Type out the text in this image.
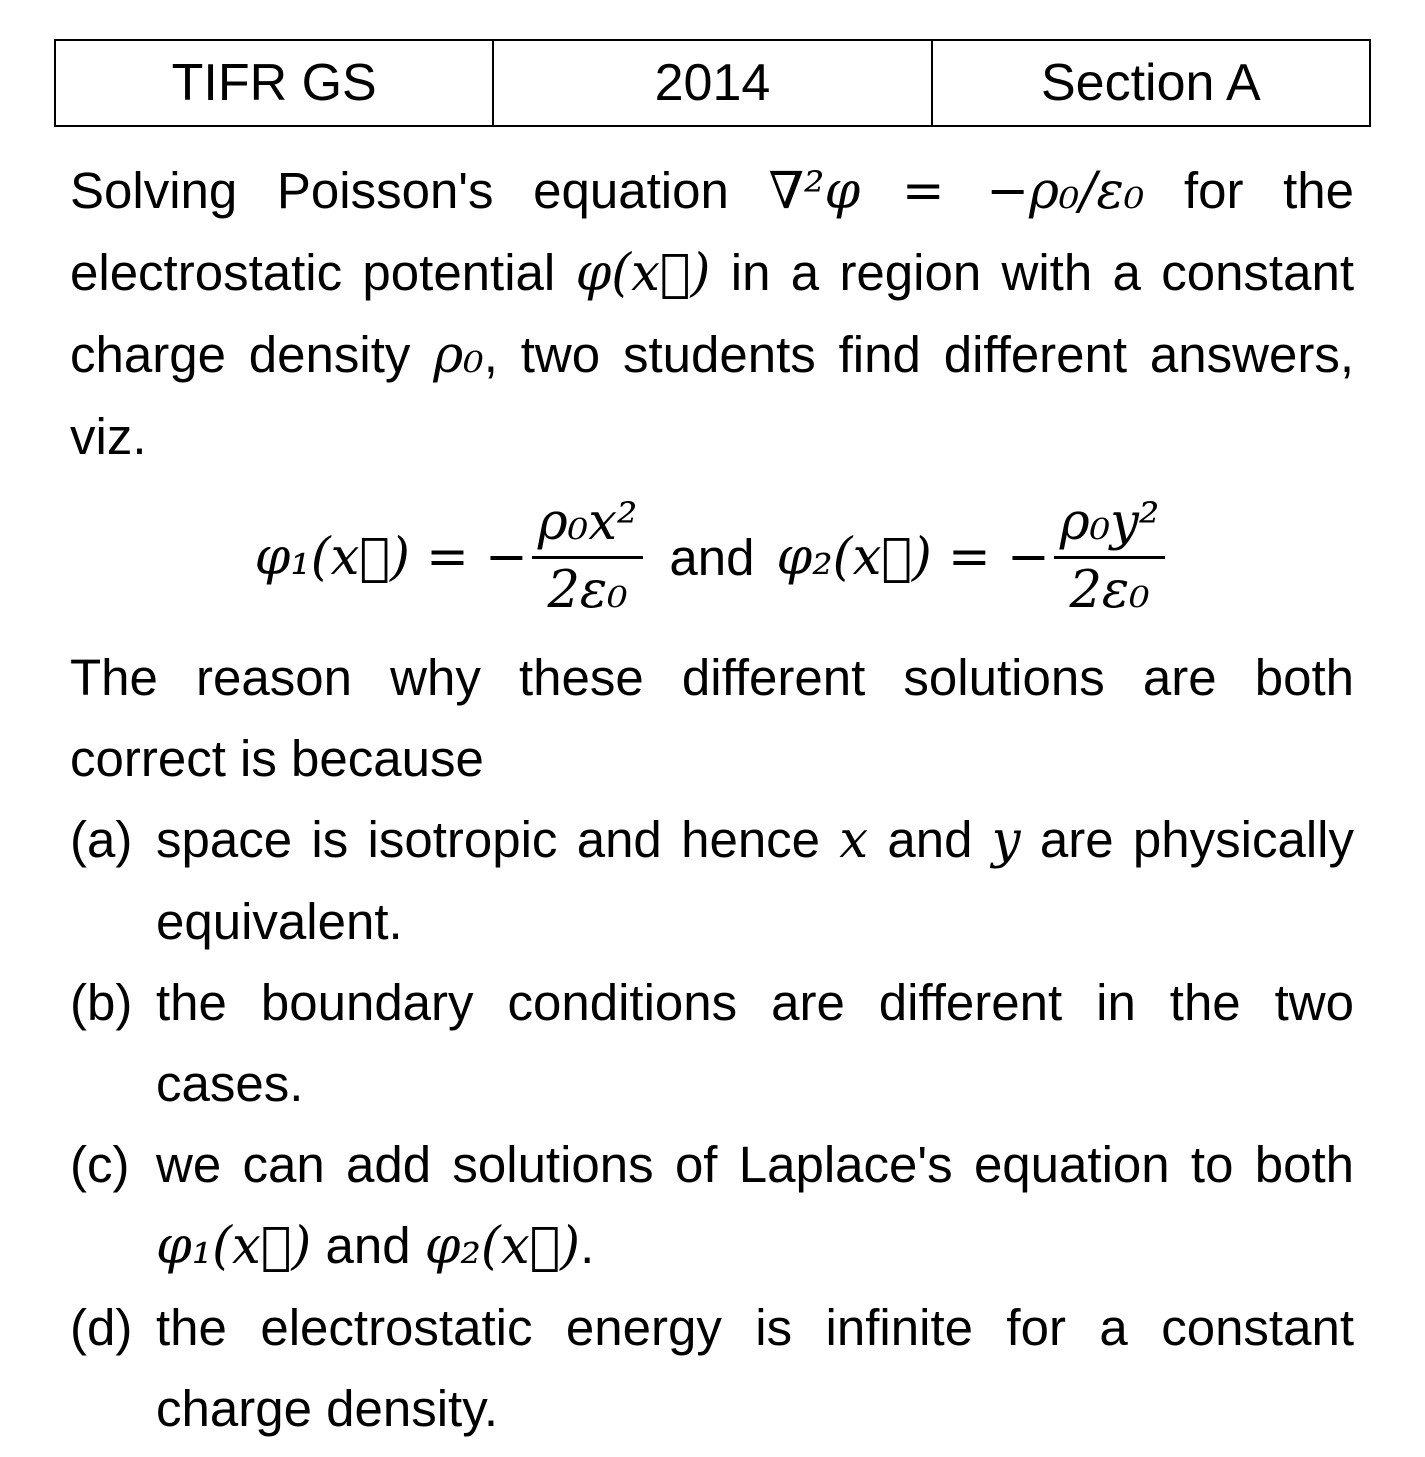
TIFR GS	2014	Section A

Solving Poisson's equation ∇²φ = −ρ₀/ε₀ for the electrostatic potential φ(x⃗) in a region with a constant charge density ρ₀, two students find different answers, viz.

φ₁(x⃗) = − $\frac{\text{ρ₀x²}}{\text{2ε₀}}$ and φ₂(x⃗) = − $\frac{\text{ρ₀y²}}{\text{2ε₀}}$

The reason why these different solutions are both correct is because

(a) space is isotropic and hence x and y are physically equivalent.
(b) the boundary conditions are different in the two cases.
(c) we can add solutions of Laplace's equation to both φ₁(x⃗) and φ₂(x⃗).
(d) the electrostatic energy is infinite for a constant charge density.
